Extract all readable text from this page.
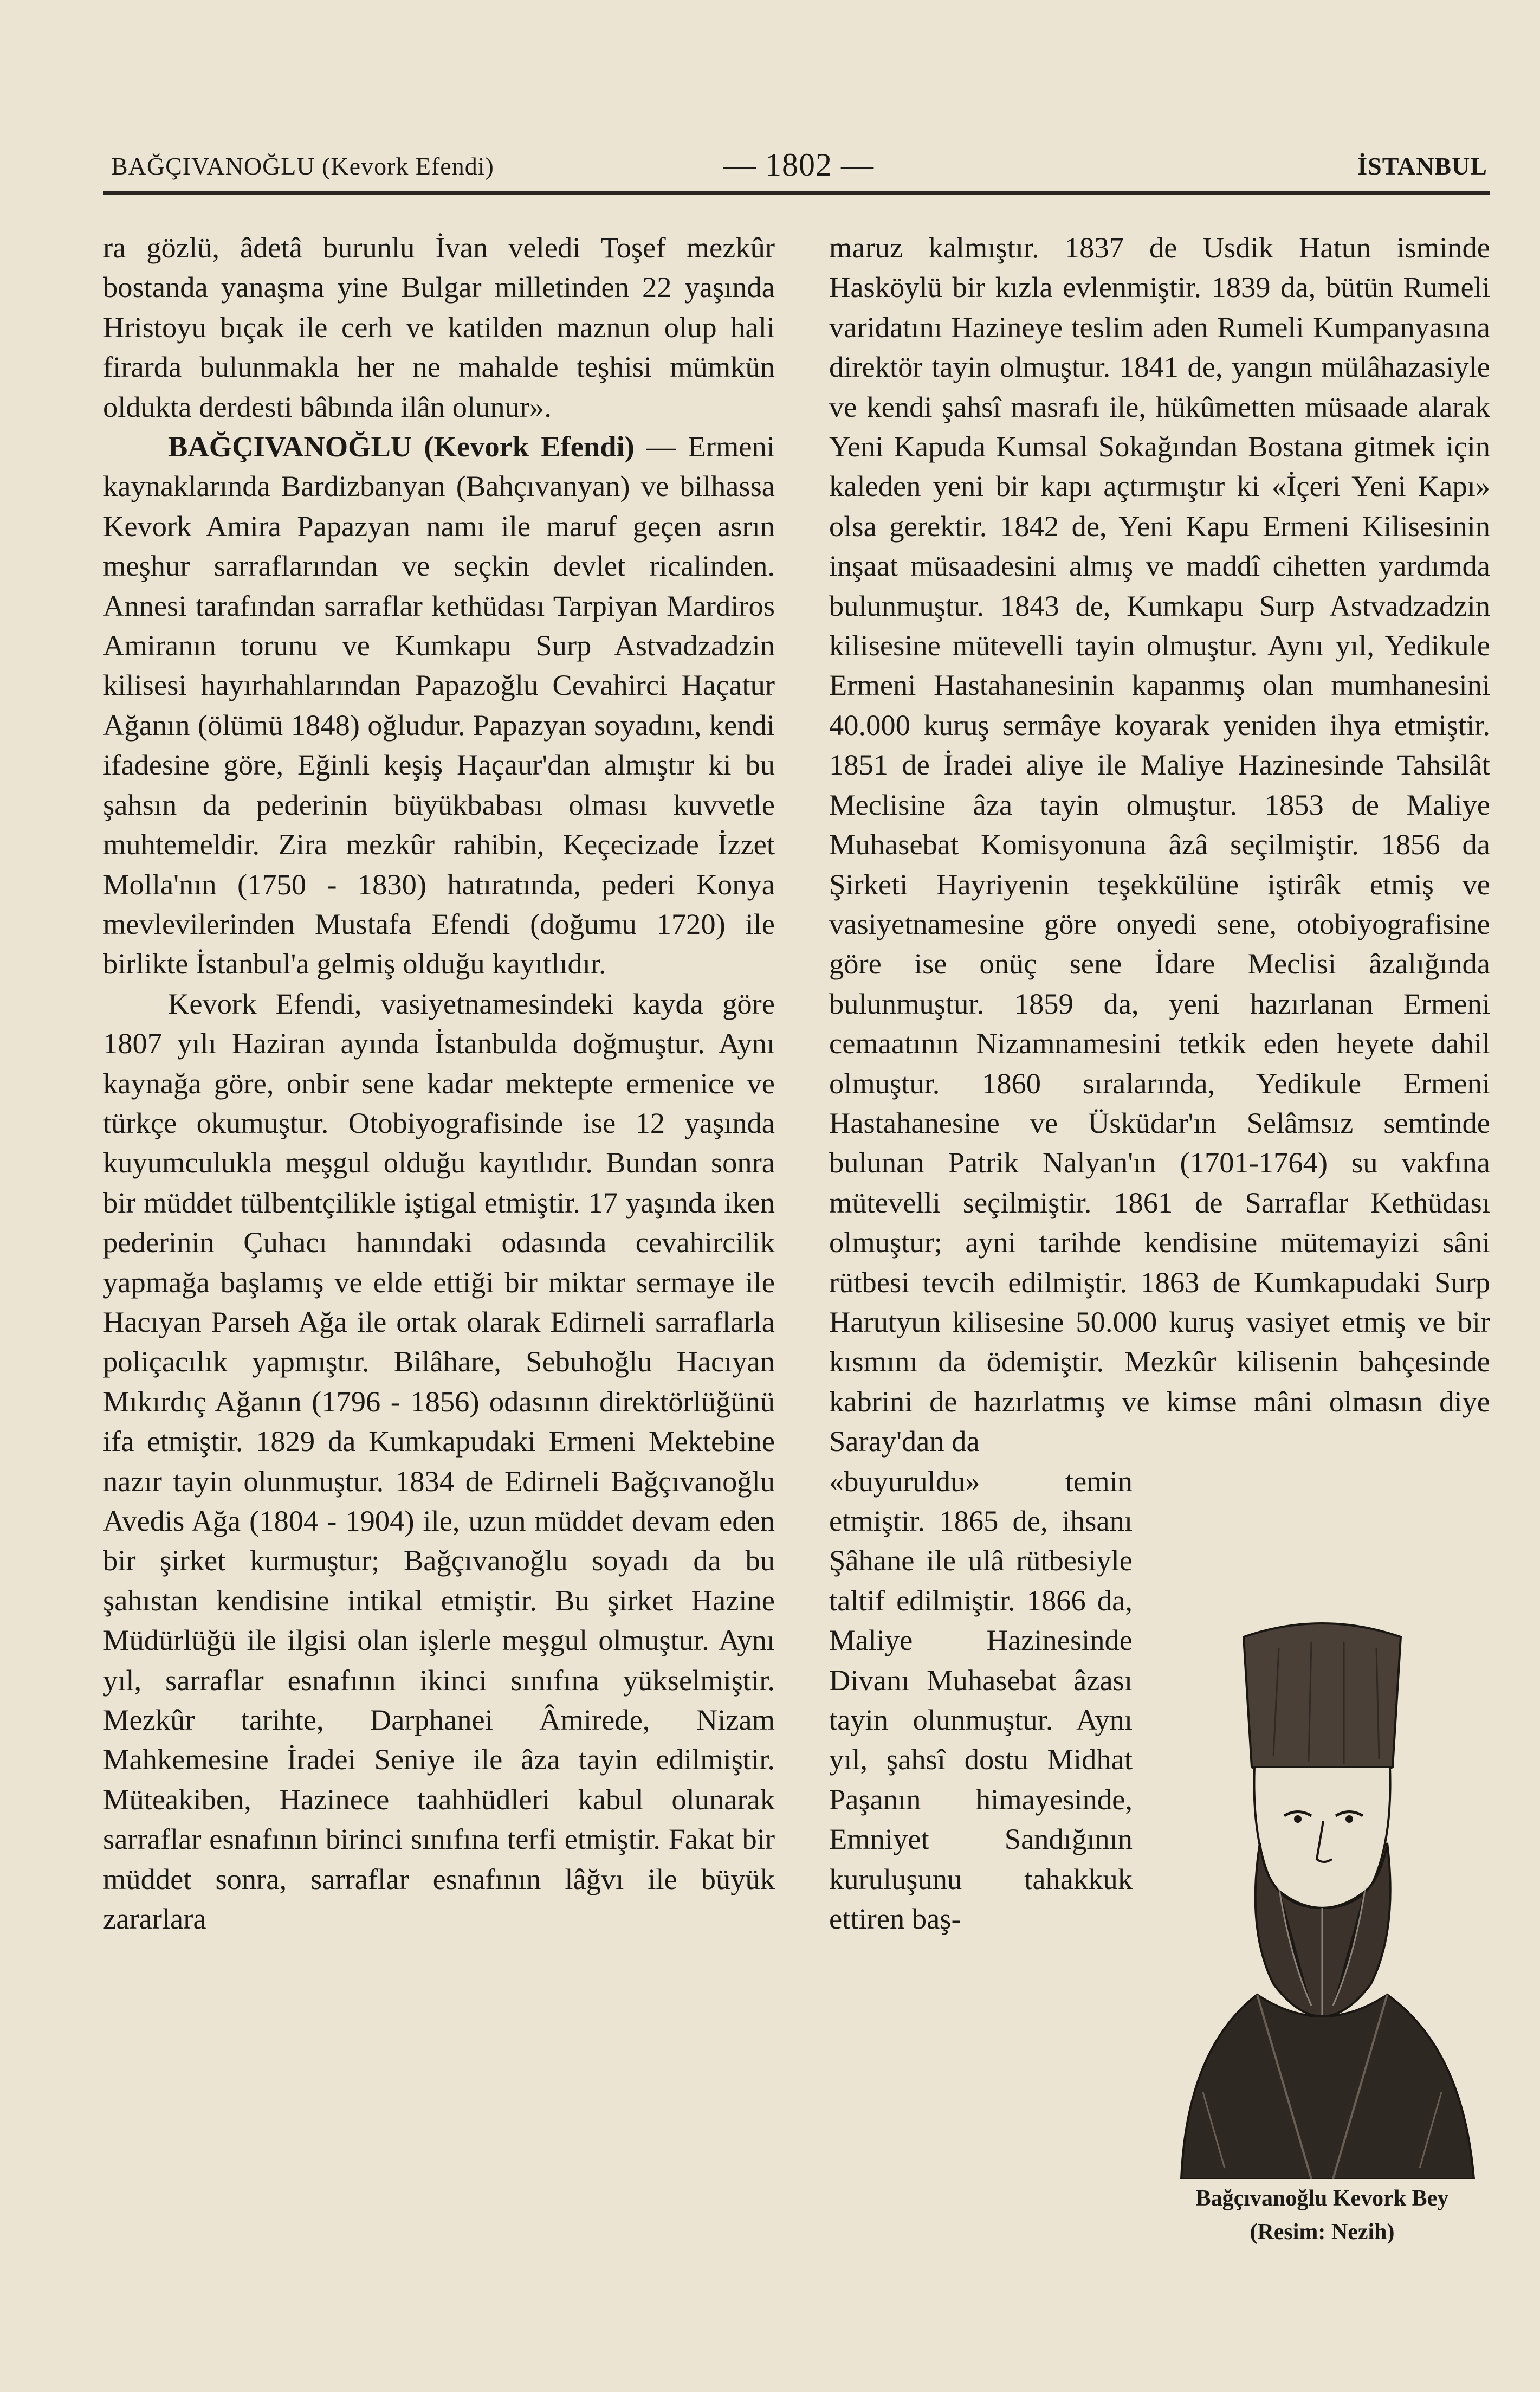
BAĞÇIVANOĞLU (Kevork Efendi)	— 1802 —	İSTANBUL

ra gözlü, âdetâ burunlu İvan veledi Toşef mezkûr bostanda yanaşma yine Bulgar milletinden 22 yaşında Hristoyu bıçak ile cerh ve katilden maznun olup hali firarda bulunmakla her ne mahalde teşhisi mümkün oldukta derdesti bâbında ilân olunur».

BAĞÇIVANOĞLU (Kevork Efendi) — Ermeni kaynaklarında Bardizbanyan (Bahçıvanyan) ve bilhassa Kevork Amira Papazyan namı ile maruf geçen asrın meşhur sarraflarından ve seçkin devlet ricalinden. Annesi tarafından sarraflar kethüdası Tarpiyan Mardiros Amiranın torunu ve Kumkapu Surp Astvadzadzin kilisesi hayırhahlarından Papazoğlu Cevahirci Haçatur Ağanın (ölümü 1848) oğludur. Papazyan soyadını, kendi ifadesine göre, Eğinli keşiş Haçaur'dan almıştır ki bu şahsın da pederinin büyükbabası olması kuvvetle muhtemeldir. Zira mezkûr rahibin, Keçecizade İzzet Molla'nın (1750 - 1830) hatıratında, pederi Konya mevlevilerinden Mustafa Efendi (doğumu 1720) ile birlikte İstanbul'a gelmiş olduğu kayıtlıdır.

Kevork Efendi, vasiyetnamesindeki kayda göre 1807 yılı Haziran ayında İstanbulda doğmuştur. Aynı kaynağa göre, onbir sene kadar mektepte ermenice ve türkçe okumuştur. Otobiyografisinde ise 12 yaşında kuyumculukla meşgul olduğu kayıtlıdır. Bundan sonra bir müddet tülbentçilikle iştigal etmiştir. 17 yaşında iken pederinin Çuhacı hanındaki odasında cevahircilik yapmağa başlamış ve elde ettiği bir miktar sermaye ile Hacıyan Parseh Ağa ile ortak olarak Edirneli sarraflarla poliçacılık yapmıştır. Bilâhare, Sebuhoğlu Hacıyan Mıkırdıç Ağanın (1796 - 1856) odasının direktörlüğünü ifa etmiştir. 1829 da Kumkapudaki Ermeni Mektebine nazır tayin olunmuştur. 1834 de Edirneli Bağçıvanoğlu Avedis Ağa (1804 - 1904) ile, uzun müddet devam eden bir şirket kurmuştur; Bağçıvanoğlu soyadı da bu şahıstan kendisine intikal etmiştir. Bu şirket Hazine Müdürlüğü ile ilgisi olan işlerle meşgul olmuştur. Aynı yıl, sarraflar esnafının ikinci sınıfına yükselmiştir. Mezkûr tarihte, Darphanei Âmirede, Nizam Mahkemesine İradei Seniye ile âza tayin edilmiştir. Müteakiben, Hazinece taahhüdleri kabul olunarak sarraflar esnafının birinci sınıfına terfi etmiştir. Fakat bir müddet sonra, sarraflar esnafının lâğvı ile büyük zararlara

maruz kalmıştır. 1837 de Usdik Hatun isminde Hasköylü bir kızla evlenmiştir. 1839 da, bütün Rumeli varidatını Hazineye teslim aden Rumeli Kumpanyasına direktör tayin olmuştur. 1841 de, yangın mülâhazasiyle ve kendi şahsî masrafı ile, hükûmetten müsaade alarak Yeni Kapuda Kumsal Sokağından Bostana gitmek için kaleden yeni bir kapı açtırmıştır ki «İçeri Yeni Kapı» olsa gerektir. 1842 de, Yeni Kapu Ermeni Kilisesinin inşaat müsaadesini almış ve maddî cihetten yardımda bulunmuştur. 1843 de, Kumkapu Surp Astvadzadzin kilisesine mütevelli tayin olmuştur. Aynı yıl, Yedikule Ermeni Hastahanesinin kapanmış olan mumhanesini 40.000 kuruş sermâye koyarak yeniden ihya etmiştir. 1851 de İradei aliye ile Maliye Hazinesinde Tahsilât Meclisine âza tayin olmuştur. 1853 de Maliye Muhasebat Komisyonuna âzâ seçilmiştir. 1856 da Şirketi Hayriyenin teşekkülüne iştirâk etmiş ve vasiyetnamesine göre onyedi sene, otobiyografisine göre ise onüç sene İdare Meclisi âzalığında bulunmuştur. 1859 da, yeni hazırlanan Ermeni cemaatının Nizamnamesini tetkik eden heyete dahil olmuştur. 1860 sıralarında, Yedikule Ermeni Hastahanesine ve Üsküdar'ın Selâmsız semtinde bulunan Patrik Nalyan'ın (1701-1764) su vakfına mütevelli seçilmiştir. 1861 de Sarraflar Kethüdası olmuştur; ayni tarihde kendisine mütemayizi sâni rütbesi tevcih edilmiştir. 1863 de Kumkapudaki Surp Harutyun kilisesine 50.000 kuruş vasiyet etmiş ve bir kısmını da ödemiştir. Mezkûr kilisenin bahçesinde kabrini de hazırlatmış ve kimse mâni olmasın diye Saray'dan da

«buyuruldu» temin etmiştir. 1865 de, ihsanı Şâhane ile ulâ rütbesiyle taltif edilmiştir. 1866 da, Maliye Hazinesinde Divanı Muhasebat âzası tayin olunmuştur. Aynı yıl, şahsî dostu Midhat Paşanın himayesinde, Emniyet Sandığının kuruluşunu tahakkuk ettiren baş-

Bağçıvanoğlu Kevork Bey
(Resim: Nezih)
